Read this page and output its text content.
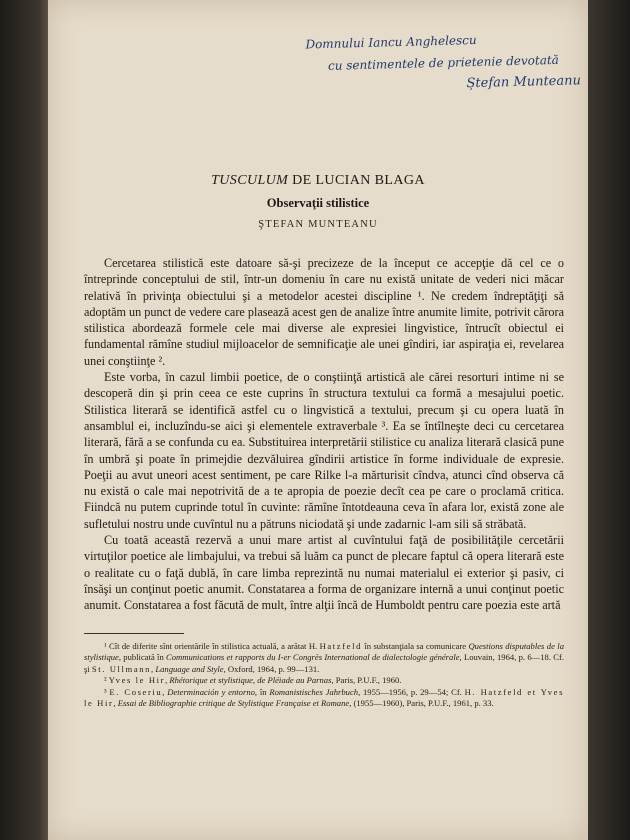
Domnului Iancu Anghelescu
cu sentimentele de prietenie devotată
Ștefan Munteanu
TUSCULUM DE LUCIAN BLAGA
Observaţii stilistice
ŞTEFAN MUNTEANU

Cercetarea stilistică este datoare să-şi precizeze de la început ce accepţie dă cel ce o întreprinde conceptului de stil, într-un domeniu în care nu există unitate de vederi nici măcar relativă în privinţa obiectului şi a metodelor acestei discipline ¹. Ne credem îndreptăţiţi să adoptăm un punct de vedere care plasează acest gen de analize între anumite limite, potrivit cărora stilistica abordează formele cele mai diverse ale expresiei lingvistice, întrucît obiectul ei fundamental rămîne studiul mijloacelor de semnificaţie ale unei gîndiri, iar aspiraţia ei, revelarea unei conştiinţe ².

Este vorba, în cazul limbii poetice, de o conştiinţă artistică ale cărei resorturi intime ni se descoperă din şi prin ceea ce este cuprins în structura textului ca formă a mesajului poetic. Stilistica literară se identifică astfel cu o lingvistică a textului, precum şi cu opera luată în ansamblul ei, incluzîndu-se aici şi elementele extraverbale ³. Ea se întîlneşte deci cu cercetarea literară, fără a se confunda cu ea. Substituirea interpretării stilistice cu analiza literară clasică pune în umbră şi poate în primejdie dezvăluirea gîndirii artistice în forme individuale de expresie. Poeţii au avut uneori acest sentiment, pe care Rilke l-a mărturisit cîndva, atunci cînd observa că nu există o cale mai nepotrivită de a te apropia de poezie decît cea pe care o proclamă critica. Fiindcă nu putem cuprinde totul în cuvinte: rămîne întotdeauna ceva în afara lor, există zone ale sufletului nostru unde cuvîntul nu a pătruns niciodată şi unde zadarnic l-am sili să străbată.

Cu toată această rezervă a unui mare artist al cuvîntului faţă de posibilităţile cercetării virtuţilor poetice ale limbajului, va trebui să luăm ca punct de plecare faptul că opera literară este o realitate cu o faţă dublă, în care limba reprezintă nu numai materialul ei exterior şi pasiv, ci însăşi un conţinut poetic anumit. Constatarea a forma de organizare internă a unui conţinut poetic anumit. Constatarea a fost făcută de mult, între alţii încă de Humboldt pentru care poezia este artă

¹ Cît de diferite sînt orientările în stilistica actuală, a arătat H. Hatzfeld în substanţiala sa comunicare Questions disputables de la stylistique, publicată în Communications et rapports du I-er Congrès International de dialectologie générale, Louvain, 1964, p. 6—18. Cf. şi St. Ullmann, Language and Style, Oxford, 1964, p. 99—131.

² Yves le Hir, Rhétorique et stylistique, de Pléiade au Parnas, Paris, P.U.F., 1960.

³ E. Coseriu, Determinación y entorno, în Romanistisches Jahrbuch, 1955—1956, p. 29—54; Cf. H. Hatzfeld et Yves le Hir, Essai de Bibliographie critique de Stylistique Française et Romane, (1955—1960), Paris, P.U.F., 1961, p. 33.
